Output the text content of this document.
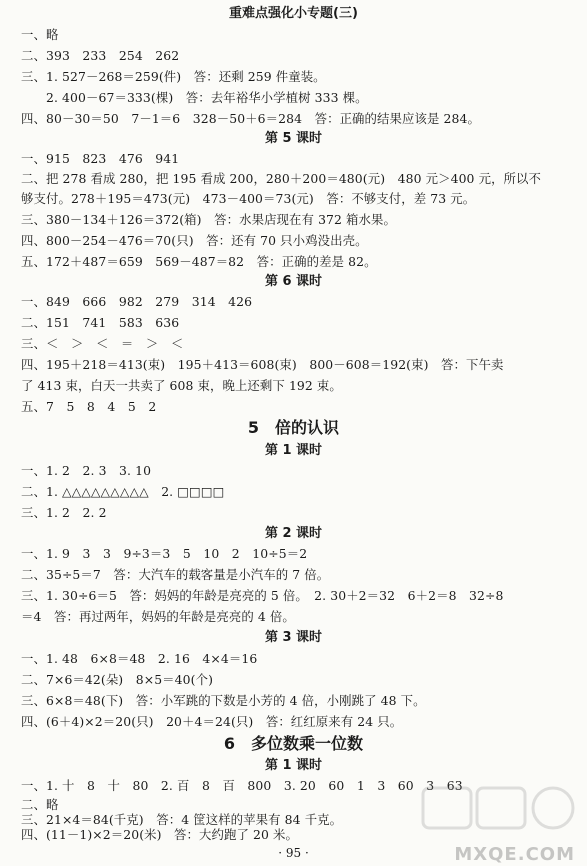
重难点强化小专题(三)
一、略
二、393　233　254　262
三、1. 527－268＝259(件)　答：还剩 259 件童装。
　　2. 400－67＝333(棵)　答：去年裕华小学植树 333 棵。
四、80－30＝50　7－1＝6　328－50＋6＝284　答：正确的结果应该是 284。
第 5 课时
一、915　823　476　941
二、把 278 看成 280，把 195 看成 200，280＋200＝480(元)　480 元＞400 元，所以不
够支付。278＋195＝473(元)　473－400＝73(元)　答：不够支付，差 73 元。
三、380－134＋126＝372(箱)　答：水果店现在有 372 箱水果。
四、800－254－476＝70(只)　答：还有 70 只小鸡没出壳。
五、172＋487＝659　569－487＝82　答：正确的差是 82。
第 6 课时
一、849　666　982　279　314　426
二、151　741　583　636
三、＜　＞　＜　＝　＞　＜
四、195＋218＝413(束)　195＋413＝608(束)　800－608＝192(束)　答：下午卖
了 413 束，白天一共卖了 608 束，晚上还剩下 192 束。
五、7　5　8　4　5　2
5　倍的认识
第 1 课时
一、1. 2　2. 3　3. 10
二、1. △△△△△△△△△　2. □□□□
三、1. 2　2. 2
第 2 课时
一、1. 9　3　3　9÷3＝3　5　10　2　10÷5＝2
二、35÷5＝7　答：大汽车的载客量是小汽车的 7 倍。
三、1. 30÷6＝5　答：妈妈的年龄是亮亮的 5 倍。　2. 30＋2＝32　6＋2＝8　32÷8
＝4　答：再过两年，妈妈的年龄是亮亮的 4 倍。
第 3 课时
一、1. 48　6×8＝48　2. 16　4×4＝16
二、7×6＝42(朵)　8×5＝40(个)
三、6×8＝48(下)　答：小军跳的下数是小芳的 4 倍，小刚跳了 48 下。
四、(6＋4)×2＝20(只)　20＋4＝24(只)　答：红红原来有 24 只。
6　多位数乘一位数
第 1 课时
一、1. 十　8　十　80　2. 百　8　百　800　3. 20　60　1　3　60　3　63
二、略
三、21×4＝84(千克)　答：4 筐这样的苹果有 84 千克。
四、(11－1)×2＝20(米)　答：大约跑了 20 米。
MXQE.COM
· 95 ·
